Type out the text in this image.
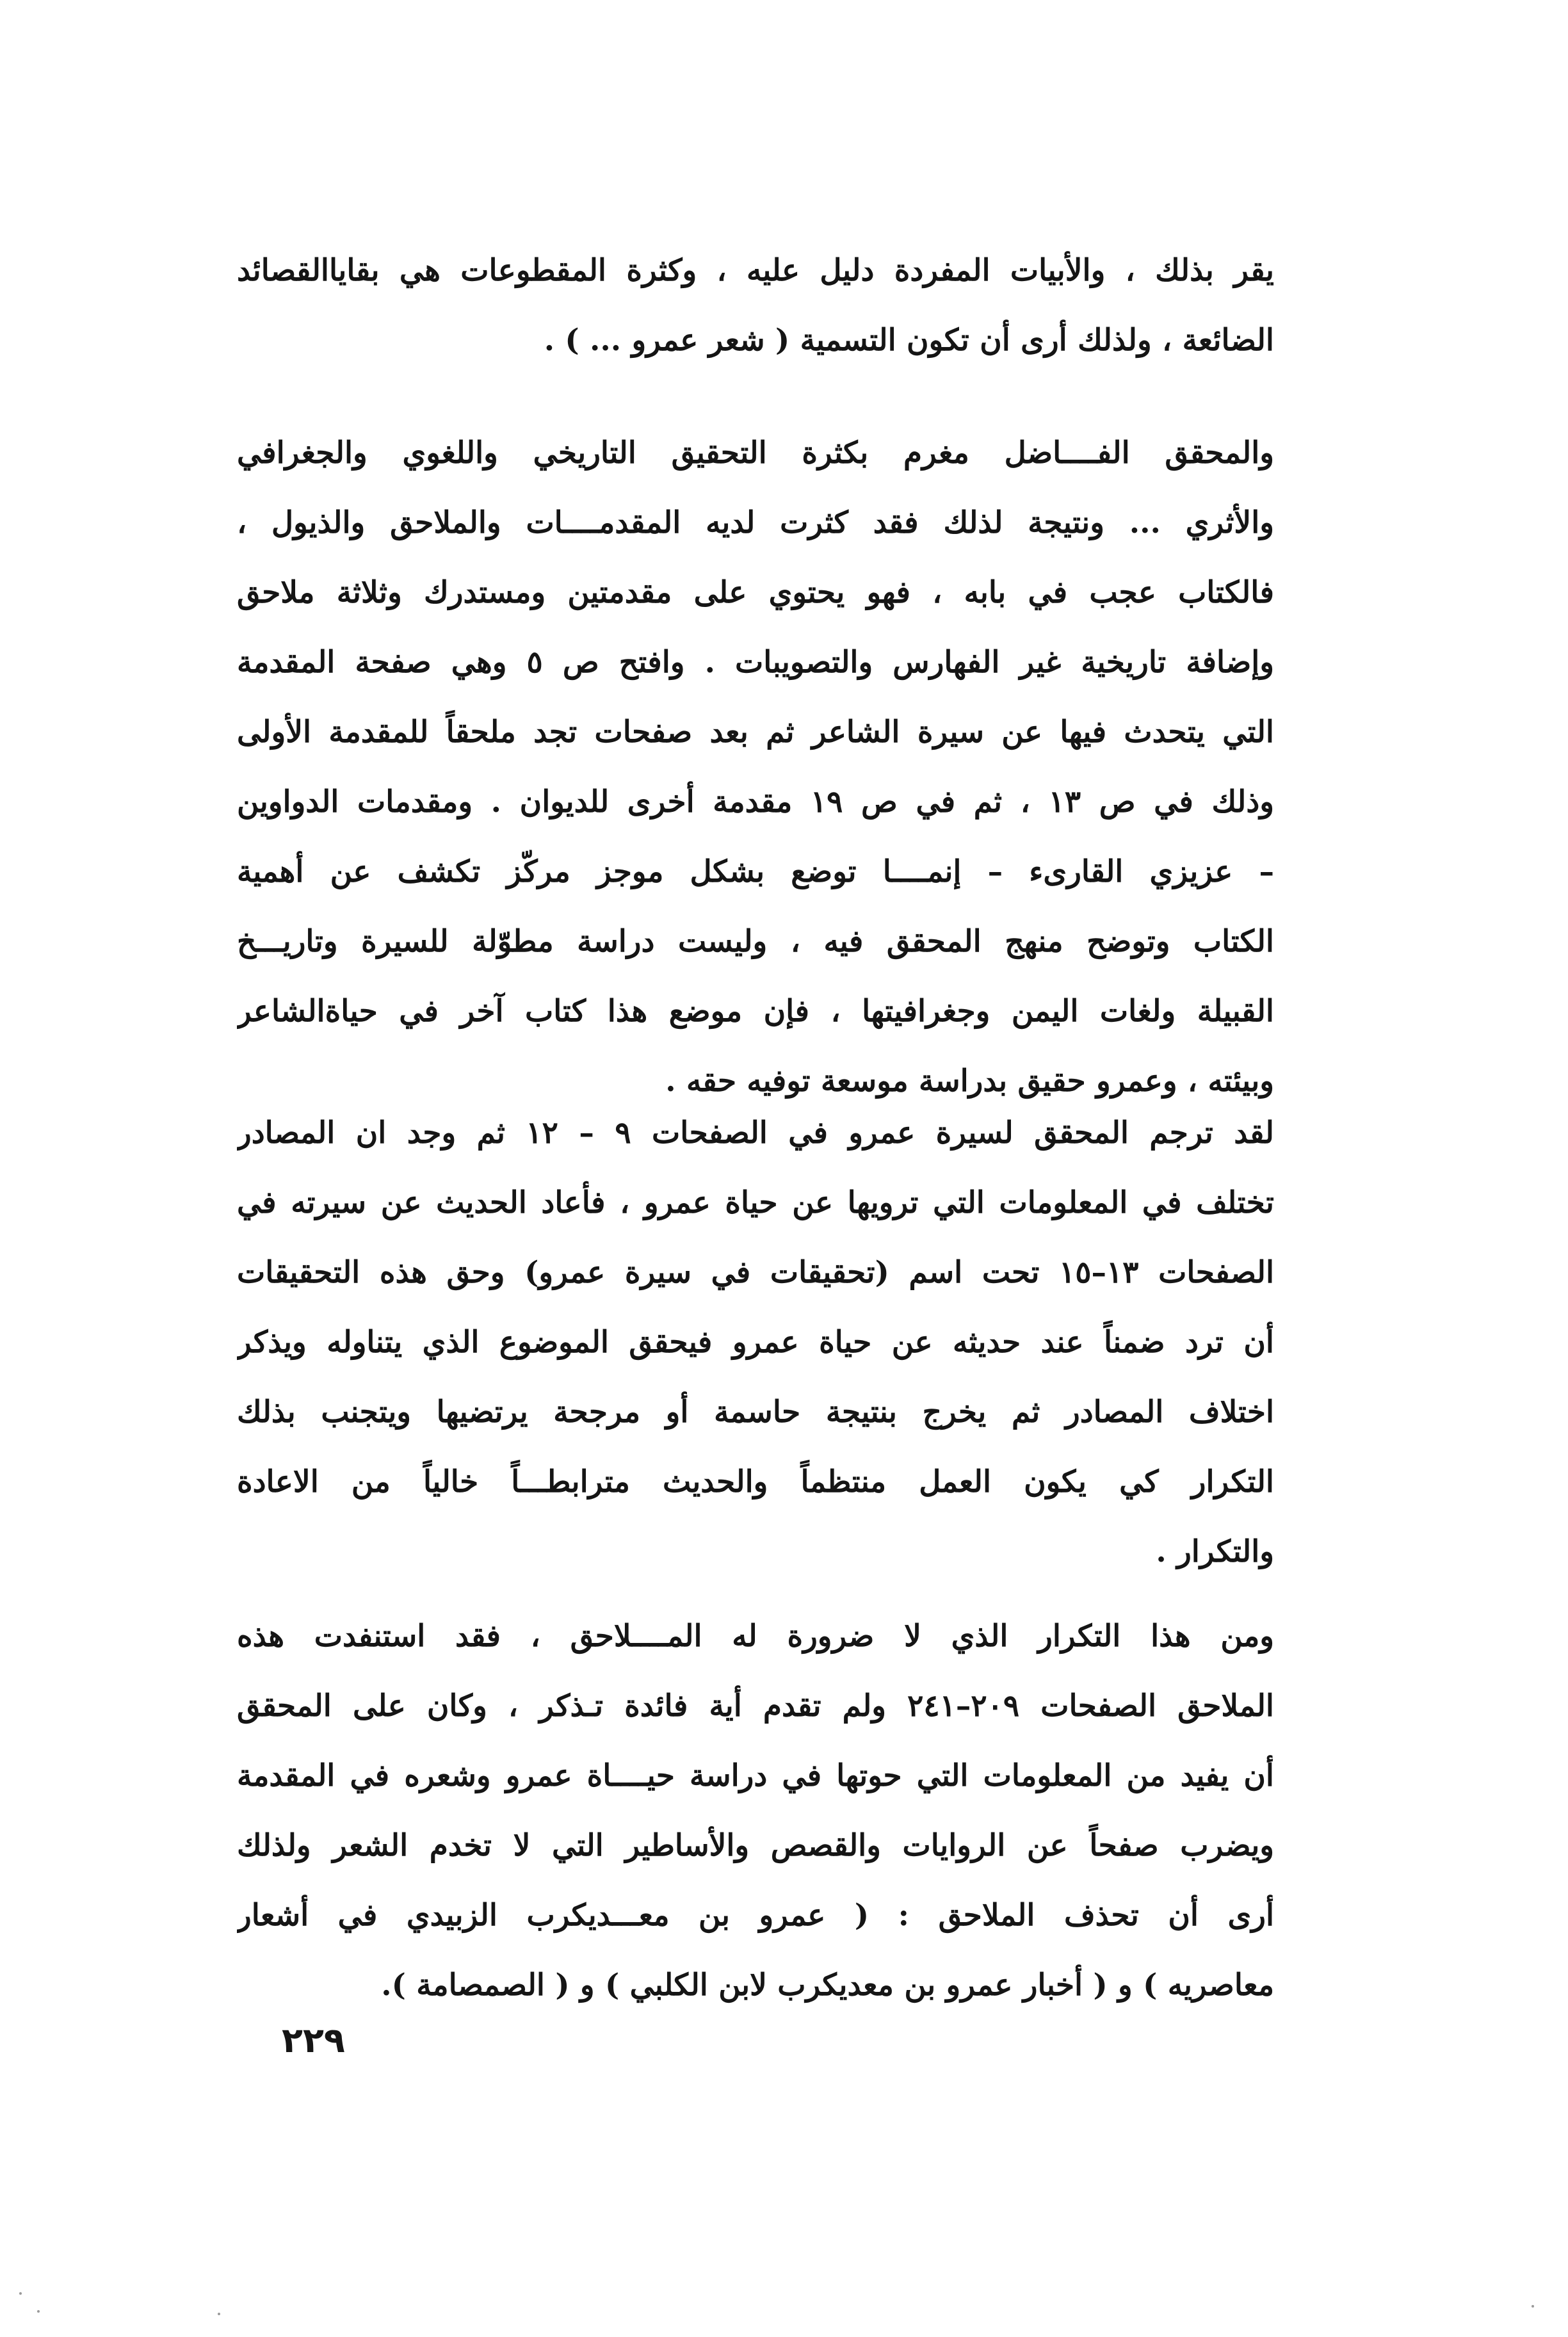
يقر بذلك ، والأبيات المفردة دليل عليه ، وكثرة المقطوعات هي بقاياالقصائد
الضائعة ، ولذلك أرى أن تكون التسمية ( شعر عمرو ... ) .
والمحقق الفــــاضل مغرم بكثرة التحقيق التاريخي واللغوي والجغرافي
والأثري ... ونتيجة لذلك فقد كثرت لديه المقدمــــات والملاحق والذيول ،
فالكتاب عجب في بابه ، فهو يحتوي على مقدمتين ومستدرك وثلاثة ملاحق
وإضافة تاريخية غير الفهارس والتصويبات . وافتح ص ٥ وهي صفحة المقدمة
التي يتحدث فيها عن سيرة الشاعر ثم بعد صفحات تجد ملحقاً للمقدمة الأولى
وذلك في ص ١٣ ، ثم في ص ١٩ مقدمة أخرى للديوان . ومقدمات الدواوين
– عزيزي القارىء – إنمــــا توضع بشكل موجز مركّز تكشف عن أهمية
الكتاب وتوضح منهج المحقق فيه ، وليست دراسة مطوّلة للسيرة وتاريـــخ
القبيلة ولغات اليمن وجغرافيتها ، فإن موضع هذا كتاب آخر في حياةالشاعر
وبيئته ، وعمرو حقيق بدراسة موسعة توفيه حقه .
لقد ترجم المحقق لسيرة عمرو في الصفحات ٩ – ١٢ ثم وجد ان المصادر
تختلف في المعلومات التي ترويها عن حياة عمرو ، فأعاد الحديث عن سيرته في
الصفحات ١٣–١٥ تحت اسم (تحقيقات في سيرة عمرو) وحق هذه التحقيقات
أن ترد ضمناً عند حديثه عن حياة عمرو فيحقق الموضوع الذي يتناوله ويذكر
اختلاف المصادر ثم يخرج بنتيجة حاسمة أو مرجحة يرتضيها ويتجنب بذلك
التكرار كي يكون العمل منتظماً والحديث مترابطـــاً خالياً من الاعادة
والتكرار .
ومن هذا التكرار الذي لا ضرورة له المــــلاحق ، فقد استنفدت هذه
الملاحق الصفحات ٢٠٩–٢٤١ ولم تقدم أية فائدة تـذكر ، وكان على المحقق
أن يفيد من المعلومات التي حوتها في دراسة حيــــاة عمرو وشعره في المقدمة
ويضرب صفحاً عن الروايات والقصص والأساطير التي لا تخدم الشعر ولذلك
أرى أن تحذف الملاحق : ( عمرو بن معـــديكرب الزبيدي في أشعار
معاصريه ) و ( أخبار عمرو بن معديكرب لابن الكلبي ) و ( الصمصامة ).
٢٢٩
